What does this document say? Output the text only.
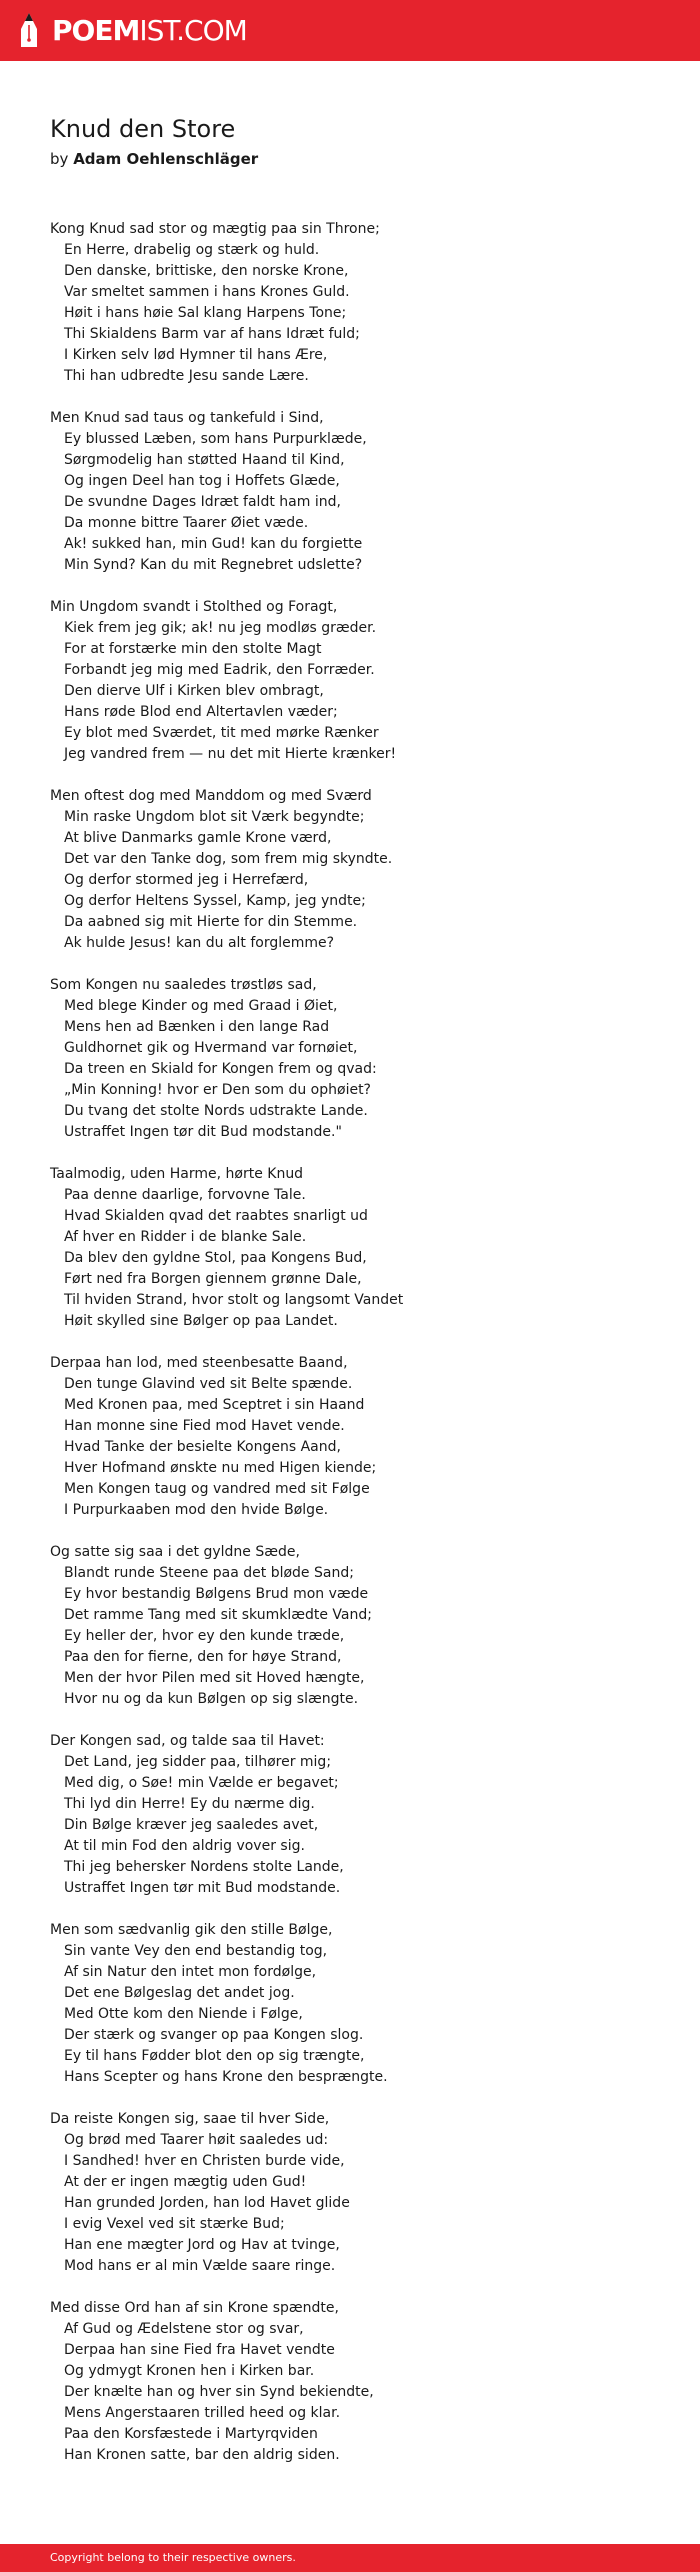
POEMIST.COM
Knud den Store
by Adam Oehlenschläger
Kong Knud sad stor og mægtig paa sin Throne;
En Herre, drabelig og stærk og huld.
Den danske, brittiske, den norske Krone,
Var smeltet sammen i hans Krones Guld.
Høit i hans høie Sal klang Harpens Tone;
Thi Skialdens Barm var af hans Idræt fuld;
I Kirken selv lød Hymner til hans Ære,
Thi han udbredte Jesu sande Lære.
Men Knud sad taus og tankefuld i Sind,
Ey blussed Læben, som hans Purpurklæde,
Sørgmodelig han støtted Haand til Kind,
Og ingen Deel han tog i Hoffets Glæde,
De svundne Dages Idræt faldt ham ind,
Da monne bittre Taarer Øiet væde.
Ak! sukked han, min Gud! kan du forgiette
Min Synd? Kan du mit Regnebret udslette?
Min Ungdom svandt i Stolthed og Foragt,
Kiek frem jeg gik; ak! nu jeg modløs græder.
For at forstærke min den stolte Magt
Forbandt jeg mig med Eadrik, den Forræder.
Den dierve Ulf i Kirken blev ombragt,
Hans røde Blod end Altertavlen væder;
Ey blot med Sværdet, tit med mørke Rænker
Jeg vandred frem — nu det mit Hierte krænker!
Men oftest dog med Manddom og med Sværd
Min raske Ungdom blot sit Værk begyndte;
At blive Danmarks gamle Krone værd,
Det var den Tanke dog, som frem mig skyndte.
Og derfor stormed jeg i Herrefærd,
Og derfor Heltens Syssel, Kamp, jeg yndte;
Da aabned sig mit Hierte for din Stemme.
Ak hulde Jesus! kan du alt forglemme?
Som Kongen nu saaledes trøstløs sad,
Med blege Kinder og med Graad i Øiet,
Mens hen ad Bænken i den lange Rad
Guldhornet gik og Hvermand var fornøiet,
Da treen en Skiald for Kongen frem og qvad:
„Min Konning! hvor er Den som du ophøiet?
Du tvang det stolte Nords udstrakte Lande.
Ustraffet Ingen tør dit Bud modstande."
Taalmodig, uden Harme, hørte Knud
Paa denne daarlige, forvovne Tale.
Hvad Skialden qvad det raabtes snarligt ud
Af hver en Ridder i de blanke Sale.
Da blev den gyldne Stol, paa Kongens Bud,
Ført ned fra Borgen giennem grønne Dale,
Til hviden Strand, hvor stolt og langsomt Vandet
Høit skylled sine Bølger op paa Landet.
Derpaa han lod, med steenbesatte Baand,
Den tunge Glavind ved sit Belte spænde.
Med Kronen paa, med Sceptret i sin Haand
Han monne sine Fied mod Havet vende.
Hvad Tanke der besielte Kongens Aand,
Hver Hofmand ønskte nu med Higen kiende;
Men Kongen taug og vandred med sit Følge
I Purpurkaaben mod den hvide Bølge.
Og satte sig saa i det gyldne Sæde,
Blandt runde Steene paa det bløde Sand;
Ey hvor bestandig Bølgens Brud mon væde
Det ramme Tang med sit skumklædte Vand;
Ey heller der, hvor ey den kunde træde,
Paa den for fierne, den for høye Strand,
Men der hvor Pilen med sit Hoved hængte,
Hvor nu og da kun Bølgen op sig slængte.
Der Kongen sad, og talde saa til Havet:
Det Land, jeg sidder paa, tilhører mig;
Med dig, o Søe! min Vælde er begavet;
Thi lyd din Herre! Ey du nærme dig.
Din Bølge kræver jeg saaledes avet,
At til min Fod den aldrig vover sig.
Thi jeg behersker Nordens stolte Lande,
Ustraffet Ingen tør mit Bud modstande.
Men som sædvanlig gik den stille Bølge,
Sin vante Vey den end bestandig tog,
Af sin Natur den intet mon fordølge,
Det ene Bølgeslag det andet jog.
Med Otte kom den Niende i Følge,
Der stærk og svanger op paa Kongen slog.
Ey til hans Fødder blot den op sig trængte,
Hans Scepter og hans Krone den besprængte.
Da reiste Kongen sig, saae til hver Side,
Og brød med Taarer høit saaledes ud:
I Sandhed! hver en Christen burde vide,
At der er ingen mægtig uden Gud!
Han grunded Jorden, han lod Havet glide
I evig Vexel ved sit stærke Bud;
Han ene mægter Jord og Hav at tvinge,
Mod hans er al min Vælde saare ringe.
Med disse Ord han af sin Krone spændte,
Af Gud og Ædelstene stor og svar,
Derpaa han sine Fied fra Havet vendte
Og ydmygt Kronen hen i Kirken bar.
Der knælte han og hver sin Synd bekiendte,
Mens Angerstaaren trilled heed og klar.
Paa den Korsfæstede i Martyrqviden
Han Kronen satte, bar den aldrig siden.
Copyright belong to their respective owners.
